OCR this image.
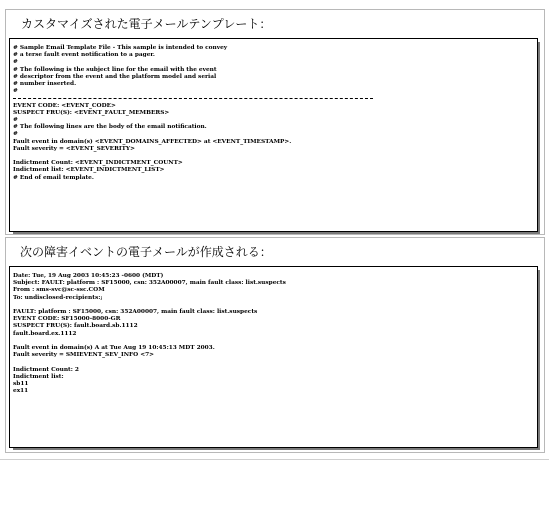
カスタマイズされた電子メールテンプレート：
# Sample Email Template File - This sample is intended to convey
# a terse fault event notification to a pager.
#
# The following is the subject line for the email with the event
# descriptor from the event and the platform model and serial
# number inserted.
#

EVENT CODE: <EVENT_CODE>
SUSPECT FRU(S): <EVENT_FAULT_MEMBERS>
#
# The following lines are the body of the email notification.
#
Fault event in domain(s) <EVENT_DOMAINS_AFFECTED> at <EVENT_TIMESTAMP>.
Fault severity = <EVENT_SEVERITY>

Indictment Count: <EVENT_INDICTMENT_COUNT>
Indictment list: <EVENT_INDICTMENT_LIST>
# End of email template.
次の障害イベントの電子メールが作成される：
Date: Tue, 19 Aug 2003 10:45:23 -0600 (MDT)
Subject: FAULT: platform : SF15000, csn: 352A00007, main fault class: list.suspects
From : sms-svc@sc-ssc.COM
To: undisclosed-recipients:;

FAULT: platform : SF15000, csn: 352A00007, main fault class: list.suspects
EVENT CODE: SF15000-8000-GR
SUSPECT FRU(S): fault.board.sb.1112
fault.board.ex.1112

Fault event in domain(s) A at Tue Aug 19 10:45:13 MDT 2003.
Fault severity = SMIEVENT_SEV_INFO <7>

Indictment Count: 2
Indictment list:
sb11
ex11
